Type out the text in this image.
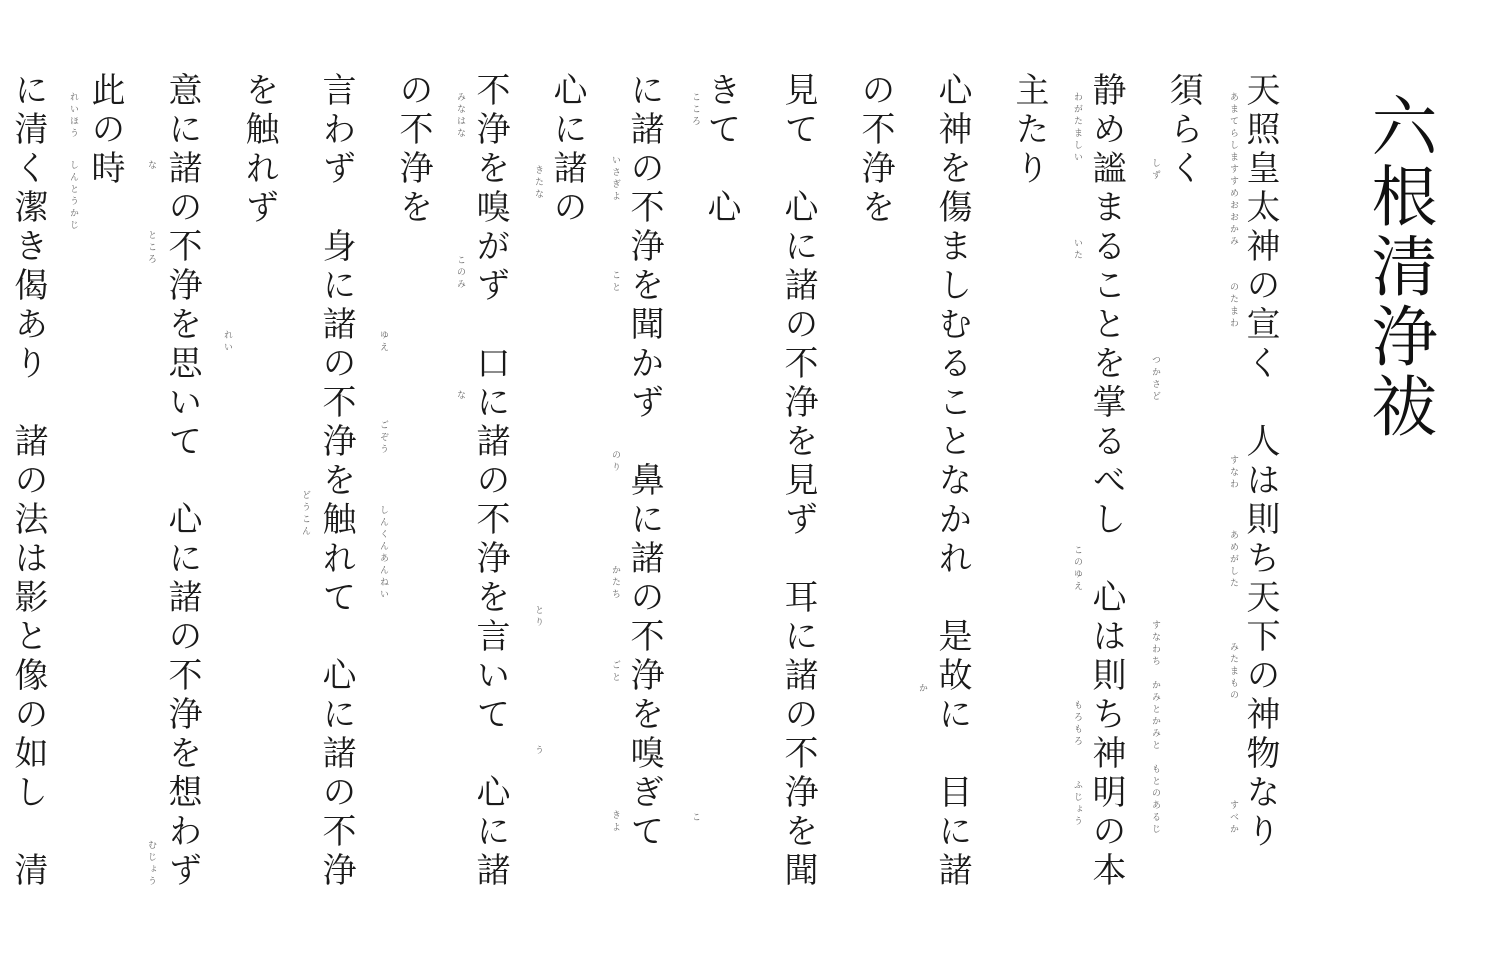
六根清浄祓
天照皇太神の宣く　人は則ち天下の神物なり　須らく
静め謐まることを掌るべし　心は則ち神明の本主たり
心神を傷ましむることなかれ　是故に　目に諸の不浄を
見て　心に諸の不浄を見ず　耳に諸の不浄を聞きて　心
に諸の不浄を聞かず　鼻に諸の不浄を嗅ぎて　心に諸の
不浄を嗅がず　口に諸の不浄を言いて　心に諸の不浄を
言わず　身に諸の不浄を触れて　心に諸の不浄を触れず
意に諸の不浄を思いて　心に諸の不浄を想わず　此の時
に清く潔き偈あり　諸の法は影と像の如し　清
あまてらしますすめおおかみ
のたまわ
すなわ
あめがした
みたまもの
すべか
しず
つかさど
すなわち
かみとかみと
もとのあるじ
わがたましい
いた
このゆえ
もろもろ
ふじょう
か
こころ
こ
いさぎよ
こと
のり
かたち
ごと
きよ
きたな
とり
う
みなはな
このみ
な
ゆえ
ごぞう
しんくんあんねい
どうこん
れい
な
ところ
むじょう
れいほう
しんとうかじ
